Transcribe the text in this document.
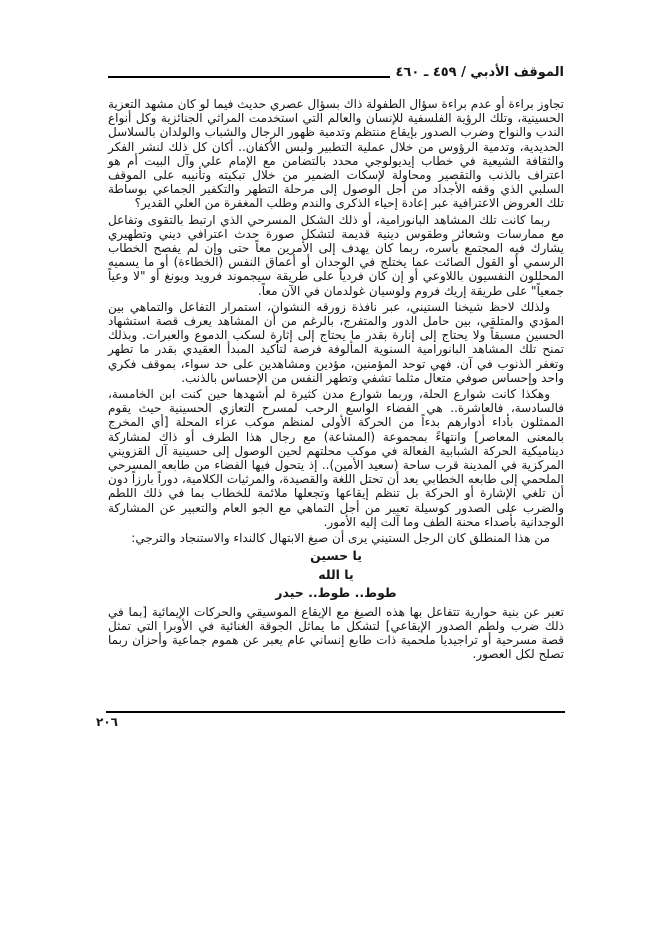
الموقف الأدبي / ٤٥٩ ـ ٤٦٠

تجاوز براءة أو عدم براءة سؤال الطفولة ذاك بسؤال عصري حديث فيما لو كان مشهد التعزية الحسينية، وتلك الرؤية الفلسفية للإنسان والعالم التي استخدمت المراثي الجنائزية وكل أنواع الندب والنواح وضرب الصدور بإيقاع منتظم وتدمية ظهور الرجال والشباب والولدان بالسلاسل الحديدية، وتدمية الرؤوس من خلال عملية التطبير ولبس الأكفان.. أكان كل ذلك لنشر الفكر والثقافة الشيعية في خطاب إيديولوجي محدد بالتضامن مع الإمام علي وآل البيت أم هو اعتراف بالذنب والتقصير ومحاولة لإسكات الضمير من خلال تبكيته وتأنيبه على الموقف السلبي الذي وقفه الأجداد من أجل الوصول إلى مرحلة التطهر والتكفير الجماعي بوساطة تلك العروض الاعترافية عبر إعادة إحياء الذكرى والندم وطلب المغفرة من العلي القدير؟

ربما كانت تلك المشاهد البانورامية، أو ذلك الشكل المسرحي الذي ارتبط بالتقوى وتفاعل مع ممارسات وشعائر وطقوس دينية قديمة لتشكل صورة حدث اعترافي ديني وتطهيري يشارك فيه المجتمع بأسره، ربما كان يهدف إلى الأمرين معاً حتى وإن لم يفصح الخطاب الرسمي أو القول الصائت عما يختلج في الوجدان أو أعماق النفس (الخطاءة) أو ما يسميه المحللون النفسيون باللاوعي أو إن كان فردياً على طريقة سيجموند فرويد ويونغ أو "لا وعياً جمعياً" على طريقة إريك فروم ولوسيان غولدمان في الآن معاً.

ولذلك لاحظ شيخنا الستيني، عبر نافذة زورقه النشوان، استمرار التفاعل والتماهي بين المؤدي والمتلقي، بين حامل الدور والمتفرج، بالرغم من أن المشاهد يعرف قصة استشهاد الحسين مسبقاً ولا يحتاج إلى إنارة بقدر ما يحتاج إلى إثارة لسكب الدموع والعبرات. وبذلك تمنح تلك المشاهد البانورامية السنوية المألوفة فرصة لتأكيد المبدأ العقيدي بقدر ما تطهر وتغفر الذنوب في آن. فهي توحد المؤمنين، مؤدين ومشاهدين على حد سواء، بموقف فكري واحد وإحساس صوفي متعال مثلما تشفي وتطهر النفس من الإحساس بالذنب.

وهكذا كانت شوارع الحلة، وربما شوارع مدن كثيرة لم أشهدها حين كنت ابن الخامسة، فالسادسة، فالعاشرة.. هي الفضاء الواسع الرحب لمسرح التعازي الحسينية حيث يقوم الممثلون بأداء أدوارهم بدءاً من الحركة الأولى لمنظم موكب عزاء المحلة [أي المخرج بالمعنى المعاصر] وانتهاءً بمجموعة (المشاعة) مع رجال هذا الطرف أو ذاك لمشاركة ديناميكية الحركة الشبابية الفعالة في موكب محلتهم لحين الوصول إلى حسينية آل القزويني المركزية في المدينة قرب ساحة (سعيد الأمين).. إذ يتحول فيها الفضاء من طابعه المسرحي الملحمي إلى طابعه الخطابي بعد أن تحتل اللغة والقصيدة، والمرثيات الكلامية، دوراً بارزاً دون أن تلغي الإشارة أو الحركة بل تنظم إيقاعها وتجعلها ملائمة للخطاب بما في ذلك اللطم والضرب على الصدور كوسيلة تعبير من أجل التماهي مع الجو العام والتعبير عن المشاركة الوجدانية بأصداء محنة الطف وما آلت إليه الأمور.

من هذا المنطلق كان الرجل الستيني يرى أن صيغ الابتهال كالنداء والاستنجاد والترجي:

يا حسين
يا الله
طوط.. طوط.. حيدر

تعبر عن بنية حوارية تتفاعل بها هذه الصيغ مع الإيقاع الموسيقي والحركات الإيمائية [بما في ذلك ضرب ولطم الصدور الإيقاعي] لتشكل ما يماثل الجوقة الغنائية في الأوبرا التي تمثل قصة مسرحية أو تراجيديا ملحمية ذات طابع إنساني عام يعبر عن هموم جماعية وأحزان ربما تصلح لكل العصور.

٢٠٦
